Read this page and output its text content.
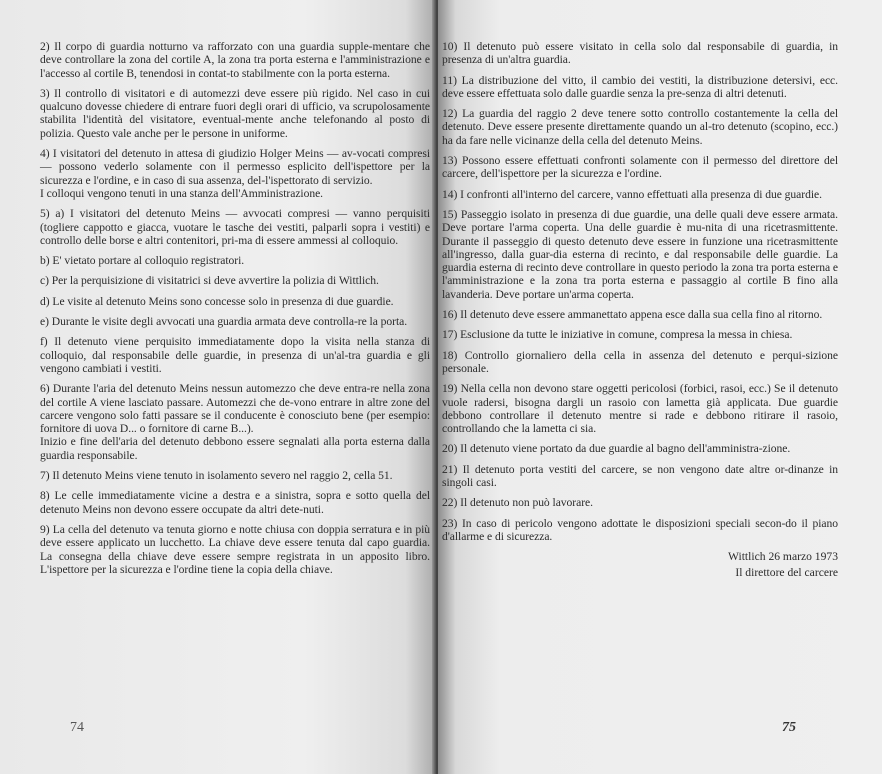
2) Il corpo di guardia notturno va rafforzato con una guardia supple-mentare che deve controllare la zona del cortile A, la zona tra porta esterna e l'amministrazione e l'accesso al cortile B, tenendosi in contat-to stabilmente con la porta esterna.

3) Il controllo di visitatori e di automezzi deve essere più rigido. Nel caso in cui qualcuno dovesse chiedere di entrare fuori degli orari di ufficio, va scrupolosamente stabilita l'identità del visitatore, eventual-mente anche telefonando al posto di polizia. Questo vale anche per le persone in uniforme.

4) I visitatori del detenuto in attesa di giudizio Holger Meins — av-vocati compresi — possono vederlo solamente con il permesso esplicito dell'ispettore per la sicurezza e l'ordine, e in caso di sua assenza, del-l'ispettorato di servizio.
I colloqui vengono tenuti in una stanza dell'Amministrazione.

5) a) I visitatori del detenuto Meins — avvocati compresi — vanno perquisiti (togliere cappotto e giacca, vuotare le tasche dei vestiti, palparli sopra i vestiti) e controllo delle borse e altri contenitori, pri-ma di essere ammessi al colloquio.

b) E' vietato portare al colloquio registratori.

c) Per la perquisizione di visitatrici si deve avvertire la polizia di Wittlich.

d) Le visite al detenuto Meins sono concesse solo in presenza di due guardie.

e) Durante le visite degli avvocati una guardia armata deve controlla-re la porta.

f) Il detenuto viene perquisito immediatamente dopo la visita nella stanza di colloquio, dal responsabile delle guardie, in presenza di un'al-tra guardia e gli vengono cambiati i vestiti.

6) Durante l'aria del detenuto Meins nessun automezzo che deve entra-re nella zona del cortile A viene lasciato passare. Automezzi che de-vono entrare in altre zone del carcere vengono solo fatti passare se il conducente è conosciuto bene (per esempio: fornitore di uova D... o fornitore di carne B...).
Inizio e fine dell'aria del detenuto debbono essere segnalati alla porta esterna dalla guardia responsabile.

7) Il detenuto Meins viene tenuto in isolamento severo nel raggio 2, cella 51.

8) Le celle immediatamente vicine a destra e a sinistra, sopra e sotto quella del detenuto Meins non devono essere occupate da altri dete-nuti.

9) La cella del detenuto va tenuta giorno e notte chiusa con doppia serratura e in più deve essere applicato un lucchetto. La chiave deve essere tenuta dal capo guardia. La consegna della chiave deve essere sempre registrata in un apposito libro. L'ispettore per la sicurezza e l'ordine tiene la copia della chiave.

74

10) Il detenuto può essere visitato in cella solo dal responsabile di guardia, in presenza di un'altra guardia.

11) La distribuzione del vitto, il cambio dei vestiti, la distribuzione detersivi, ecc. deve essere effettuata solo dalle guardie senza la pre-senza di altri detenuti.

12) La guardia del raggio 2 deve tenere sotto controllo costantemente la cella del detenuto. Deve essere presente direttamente quando un al-tro detenuto (scopino, ecc.) ha da fare nelle vicinanze della cella del detenuto Meins.

13) Possono essere effettuati confronti solamente con il permesso del direttore del carcere, dell'ispettore per la sicurezza e l'ordine.

14) I confronti all'interno del carcere, vanno effettuati alla presenza di due guardie.

15) Passeggio isolato in presenza di due guardie, una delle quali deve essere armata. Deve portare l'arma coperta. Una delle guardie è mu-nita di una ricetrasmittente. Durante il passeggio di questo detenuto deve essere in funzione una ricetrasmittente all'ingresso, dalla guar-dia esterna di recinto, e dal responsabile delle guardie. La guardia esterna di recinto deve controllare in questo periodo la zona tra porta esterna e l'amministrazione e la zona tra porta esterna e passaggio al cortile B fino alla lavanderia. Deve portare un'arma coperta.

16) Il detenuto deve essere ammanettato appena esce dalla sua cella fino al ritorno.

17) Esclusione da tutte le iniziative in comune, compresa la messa in chiesa.

18) Controllo giornaliero della cella in assenza del detenuto e perqui-sizione personale.

19) Nella cella non devono stare oggetti pericolosi (forbici, rasoi, ecc.) Se il detenuto vuole radersi, bisogna dargli un rasoio con lametta già applicata. Due guardie debbono controllare il detenuto mentre si rade e debbono ritirare il rasoio, controllando che la lametta ci sia.

20) Il detenuto viene portato da due guardie al bagno dell'amministra-zione.

21) Il detenuto porta vestiti del carcere, se non vengono date altre or-dinanze in singoli casi.

22) Il detenuto non può lavorare.

23) In caso di pericolo vengono adottate le disposizioni speciali secon-do il piano d'allarme e di sicurezza.

Wittlich 26 marzo 1973
Il direttore del carcere
75
